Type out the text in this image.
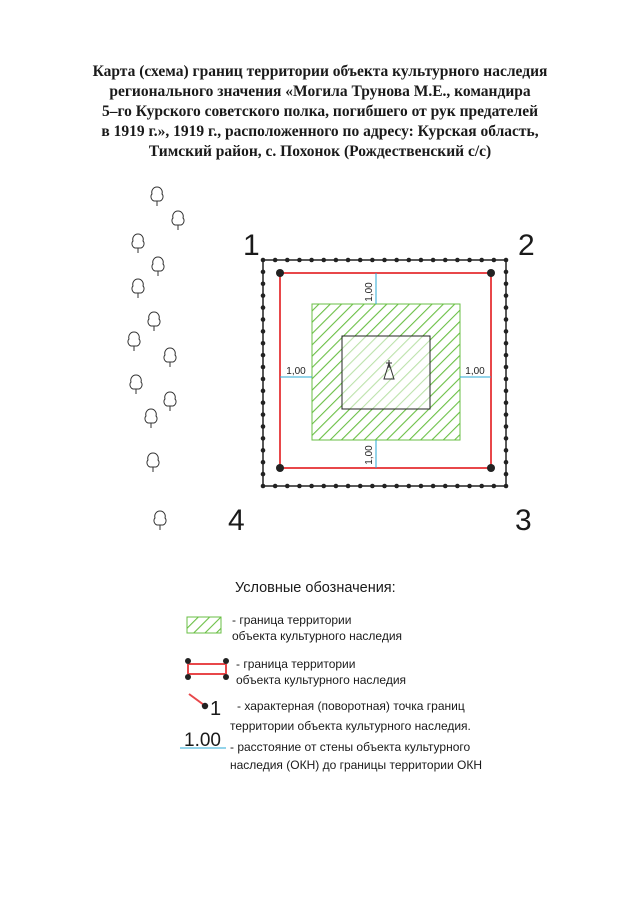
Карта (схема) границ территории объекта культурного наследия
регионального значения «Могила Трунова М.Е., командира
5–го Курского советского полка, погибшего от рук предателей
в 1919 г.», 1919 г., расположенного по адресу: Курская область,
Тимский район, с. Похонок (Рождественский с/с)
1,00
1,00
1,00	1,00
1	2
3
4
1
1.00
Условные обозначения:
- граница территории
объекта культурного наследия
- граница территории
объекта культурного наследия
- характерная (поворотная) точка границ
территории объекта культурного наследия.
- расстояние от стены объекта культурного
наследия (ОКН) до границы территории ОКН
